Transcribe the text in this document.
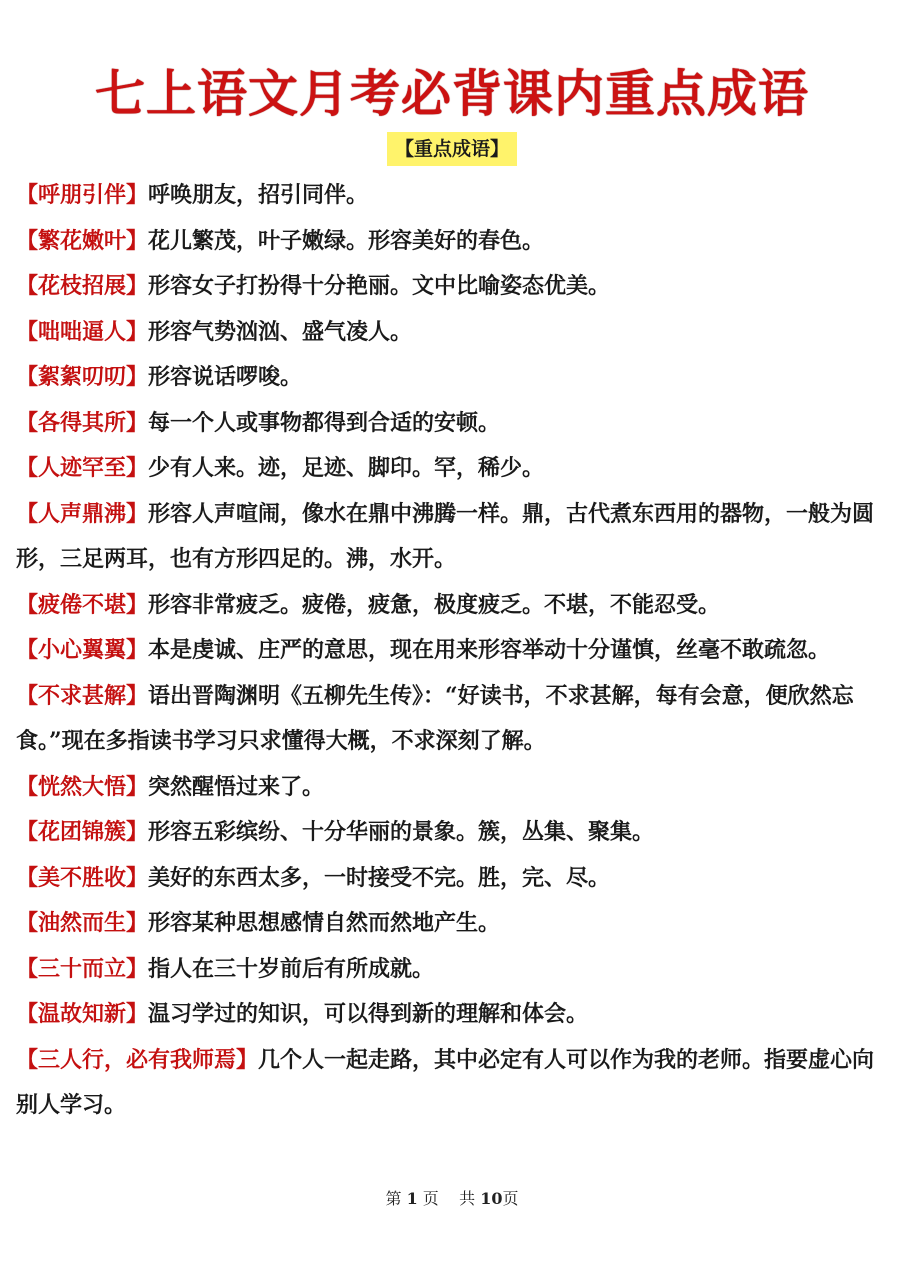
七上语文月考必背课内重点成语
【重点成语】
【呼朋引伴】呼唤朋友，招引同伴。
【繁花嫩叶】花儿繁茂，叶子嫩绿。形容美好的春色。
【花枝招展】形容女子打扮得十分艳丽。文中比喻姿态优美。
【咄咄逼人】形容气势汹汹、盛气凌人。
【絮絮叨叨】形容说话啰唆。
【各得其所】每一个人或事物都得到合适的安顿。
【人迹罕至】少有人来。迹，足迹、脚印。罕，稀少。
【人声鼎沸】形容人声喧闹，像水在鼎中沸腾一样。鼎，古代煮东西用的器物，一般为圆形，三足两耳，也有方形四足的。沸，水开。
【疲倦不堪】形容非常疲乏。疲倦，疲惫，极度疲乏。不堪，不能忍受。
【小心翼翼】本是虔诚、庄严的意思，现在用来形容举动十分谨慎，丝毫不敢疏忽。
【不求甚解】语出晋陶渊明《五柳先生传》：“好读书，不求甚解，每有会意，便欣然忘食。”现在多指读书学习只求懂得大概，不求深刻了解。
【恍然大悟】突然醒悟过来了。
【花团锦簇】形容五彩缤纷、十分华丽的景象。簇，丛集、聚集。
【美不胜收】美好的东西太多，一时接受不完。胜，完、尽。
【油然而生】形容某种思想感情自然而然地产生。
【三十而立】指人在三十岁前后有所成就。
【温故知新】温习学过的知识，可以得到新的理解和体会。
【三人行，必有我师焉】几个人一起走路，其中必定有人可以作为我的老师。指要虚心向别人学习。
第 1 页 共 10页
